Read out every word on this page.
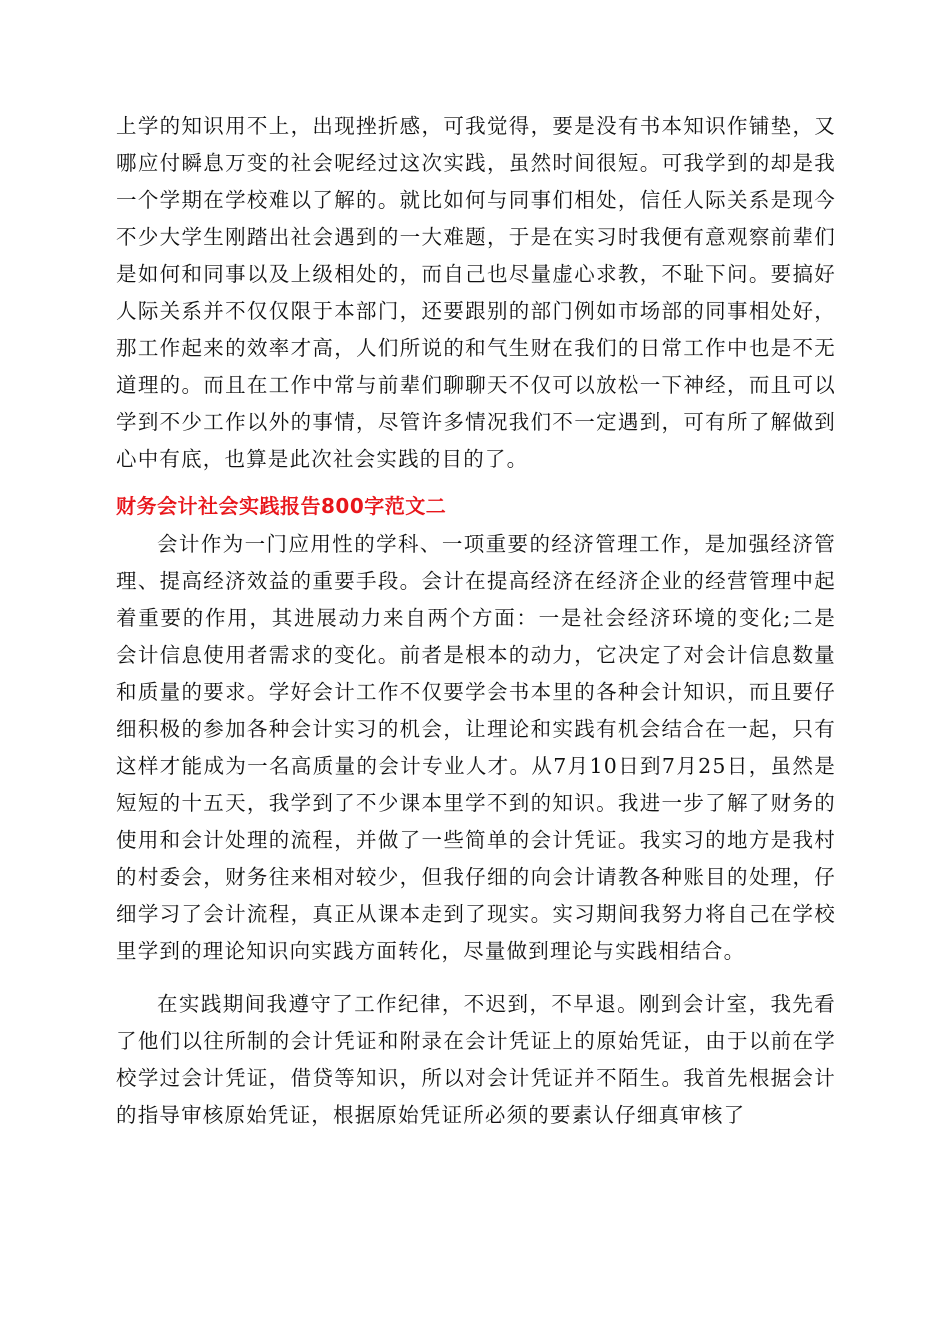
上学的知识用不上，出现挫折感，可我觉得，要是没有书本知识作铺垫，又哪应付瞬息万变的社会呢经过这次实践，虽然时间很短。可我学到的却是我一个学期在学校难以了解的。就比如何与同事们相处，信任人际关系是现今不少大学生刚踏出社会遇到的一大难题，于是在实习时我便有意观察前辈们是如何和同事以及上级相处的，而自己也尽量虚心求教，不耻下问。要搞好人际关系并不仅仅限于本部门，还要跟别的部门例如市场部的同事相处好，那工作起来的效率才高，人们所说的和气生财在我们的日常工作中也是不无道理的。而且在工作中常与前辈们聊聊天不仅可以放松一下神经，而且可以学到不少工作以外的事情，尽管许多情况我们不一定遇到，可有所了解做到心中有底，也算是此次社会实践的目的了。

财务会计社会实践报告800字范文二

会计作为一门应用性的学科、一项重要的经济管理工作，是加强经济管理、提高经济效益的重要手段。会计在提高经济在经济企业的经营管理中起着重要的作用，其进展动力来自两个方面：一是社会经济环境的变化;二是会计信息使用者需求的变化。前者是根本的动力，它决定了对会计信息数量和质量的要求。学好会计工作不仅要学会书本里的各种会计知识，而且要仔细积极的参加各种会计实习的机会，让理论和实践有机会结合在一起，只有这样才能成为一名高质量的会计专业人才。从7月10日到7月25日，虽然是短短的十五天，我学到了不少课本里学不到的知识。我进一步了解了财务的使用和会计处理的流程，并做了一些简单的会计凭证。我实习的地方是我村的村委会，财务往来相对较少，但我仔细的向会计请教各种账目的处理，仔细学习了会计流程，真正从课本走到了现实。实习期间我努力将自己在学校里学到的理论知识向实践方面转化，尽量做到理论与实践相结合。

在实践期间我遵守了工作纪律，不迟到，不早退。刚到会计室，我先看了他们以往所制的会计凭证和附录在会计凭证上的原始凭证，由于以前在学校学过会计凭证，借贷等知识，所以对会计凭证并不陌生。我首先根据会计的指导审核原始凭证，根据原始凭证所必须的要素认仔细真审核了
